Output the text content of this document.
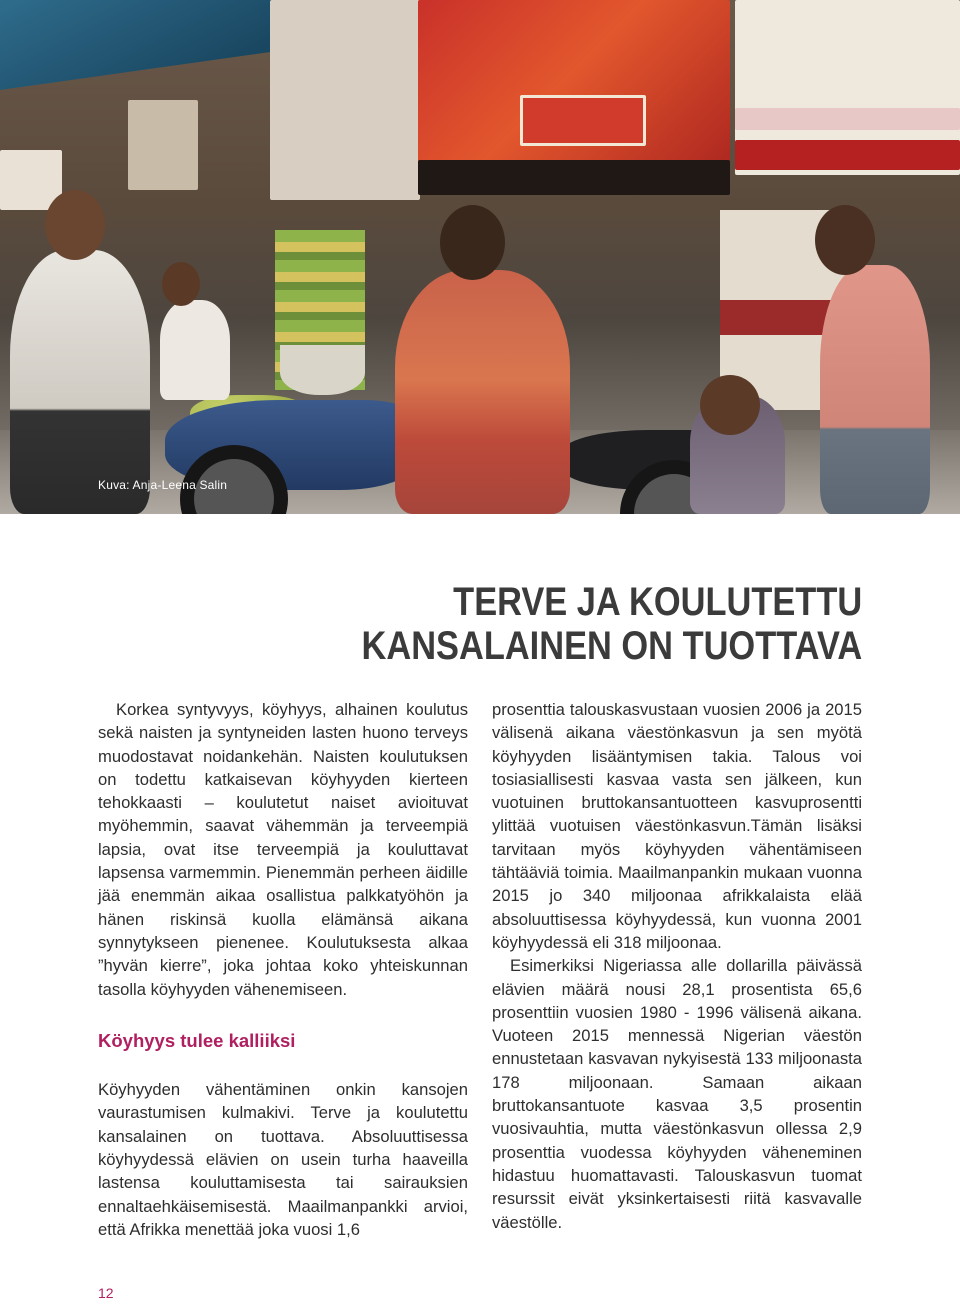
Kuva: Anja-Leena Salin
TERVE JA KOULUTETTU
KANSALAINEN ON TUOTTAVA

Korkea syntyvyys, köyhyys, alhainen koulutus sekä naisten ja syntyneiden lasten huono terveys muodostavat noidankehän. Naisten koulutuksen on todettu katkaisevan köyhyyden kierteen tehokkaasti – koulutetut naiset avioituvat myöhemmin, saavat vähemmän ja terveempiä lapsia, ovat itse terveempiä ja kouluttavat lapsensa varmemmin. Pienemmän perheen äidille jää enemmän aikaa osallistua palkkatyöhön ja hänen riskinsä kuolla elämänsä aikana synnytykseen pienenee. Koulutuksesta alkaa ”hyvän kierre”, joka johtaa koko yhteiskunnan tasolla köyhyyden vähenemiseen.

Köyhyys tulee kalliiksi

Köyhyyden vähentäminen onkin kansojen vaurastumisen kulmakivi. Terve ja koulutettu kansalainen on tuottava. Absoluuttisessa köyhyydessä elävien on usein turha haaveilla lastensa kouluttamisesta tai sairauksien ennaltaehkäisemisestä. Maailmanpankki arvioi, että Afrikka menettää joka vuosi 1,6

prosenttia talouskasvustaan vuosien 2006 ja 2015 välisenä aikana väestönkasvun ja sen myötä köyhyyden lisääntymisen takia. Talous voi tosiasiallisesti kasvaa vasta sen jälkeen, kun vuotuinen bruttokansantuotteen kasvuprosentti ylittää vuotuisen väestönkasvun.Tämän lisäksi tarvitaan myös köyhyyden vähentämiseen tähtääviä toimia. Maailmanpankin mukaan vuonna 2015 jo 340 miljoonaa afrikkalaista elää absoluuttisessa köyhyydessä, kun vuonna 2001 köyhyydessä eli 318 miljoonaa.

Esimerkiksi Nigeriassa alle dollarilla päivässä elävien määrä nousi 28,1 prosentista 65,6 prosenttiin vuosien 1980 - 1996 välisenä aikana. Vuoteen 2015 mennessä Nigerian väestön ennustetaan kasvavan nykyisestä 133 miljoonasta 178 miljoonaan. Samaan aikaan bruttokansantuote kasvaa 3,5 prosentin vuosivauhtia, mutta väestönkasvun ollessa 2,9 prosenttia vuodessa köyhyyden väheneminen hidastuu huomattavasti. Talouskasvun tuomat resurssit eivät yksinkertaisesti riitä kasvavalle väestölle.

12
